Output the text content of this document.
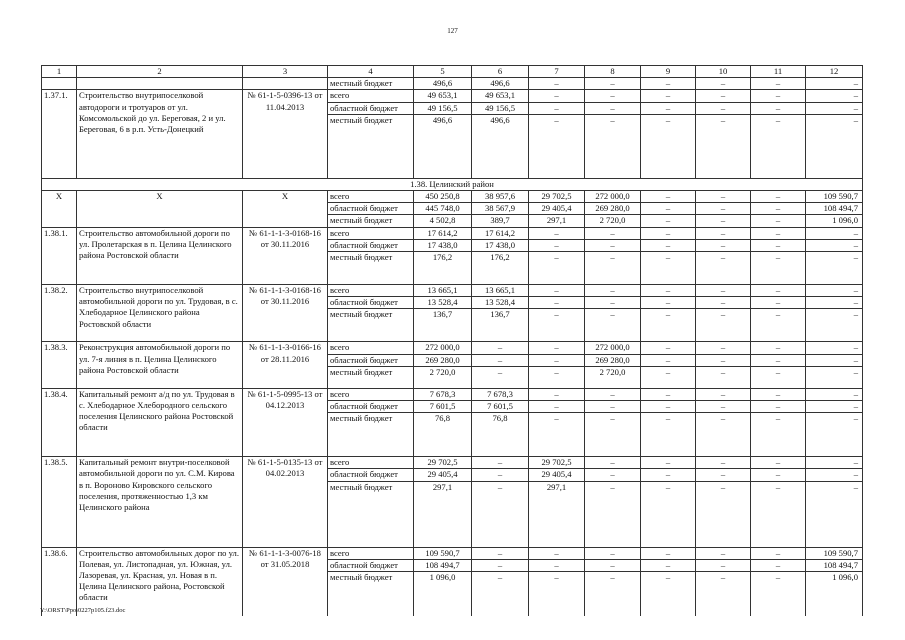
127
1	2	3	4	5	6	7	8	9	10	11	12
			местный бюджет	496,6	496,6	–	–	–	–	–	–
1.37.1.	Строительство внутрипоселковой автодороги и тротуаров от ул. Комсомольской до ул. Береговая, 2 и ул. Береговая, 6 в р.п. Усть-Донецкий	№ 61-1-5-0396-13 от 11.04.2013	всего	49 653,1	49 653,1	–	–	–	–	–	–
			областной бюджет	49 156,5	49 156,5	–	–	–	–	–	–
			местный бюджет	496,6	496,6	–	–	–	–	–	–
1.38. Целинский район											
Х	Х	Х	всего	450 250,8	38 957,6	29 702,5	272 000,0	–	–	–	109 590,7
			областной бюджет	445 748,0	38 567,9	29 405,4	269 280,0	–	–	–	108 494,7
			местный бюджет	4 502,8	389,7	297,1	2 720,0	–	–	–	1 096,0
1.38.1.	Строительство автомобильной дороги по ул. Пролетарская в п. Целина Целинского района Ростовской области	№ 61-1-1-3-0168-16 от 30.11.2016	всего	17 614,2	17 614,2	–	–	–	–	–	–
			областной бюджет	17 438,0	17 438,0	–	–	–	–	–	–
			местный бюджет	176,2	176,2	–	–	–	–	–	–
1.38.2.	Строительство внутрипоселковой автомобильной дороги по ул. Трудовая, в с. Хлебодарное Целинского района Ростовской области	№ 61-1-1-3-0168-16 от 30.11.2016	всего	13 665,1	13 665,1	–	–	–	–	–	–
			областной бюджет	13 528,4	13 528,4	–	–	–	–	–	–
			местный бюджет	136,7	136,7	–	–	–	–	–	–
1.38.3.	Реконструкция автомобильной дороги по ул. 7-я линия в п. Целина Целинского района Ростовской области	№ 61-1-1-3-0166-16 от 28.11.2016	всего	272 000,0	–	–	272 000,0	–	–	–	–
			областной бюджет	269 280,0	–	–	269 280,0	–	–	–	–
			местный бюджет	2 720,0	–	–	2 720,0	–	–	–	–
1.38.4.	Капитальный ремонт а/д по ул. Трудовая в с. Хлебодарное Хлебородного сельского поселения Целинского района Ростовской области	№ 61-1-5-0995-13 от 04.12.2013	всего	7 678,3	7 678,3	–	–	–	–	–	–
			областной бюджет	7 601,5	7 601,5	–	–	–	–	–	–
			местный бюджет	76,8	76,8	–	–	–	–	–	–
1.38.5.	Капитальный ремонт внутри-поселковой автомобильной дороги по ул. С.М. Кирова в п. Вороново Кировского сельского поселения, протяженностью 1,3 км Целинского района	№ 61-1-5-0135-13 от 04.02.2013	всего	29 702,5	–	29 702,5	–	–	–	–	–
			областной бюджет	29 405,4	–	29 405,4	–	–	–	–	–
			местный бюджет	297,1	–	297,1	–	–	–	–	–
1.38.6.	Строительство автомобильных дорог по ул. Полевая, ул. Листопадная, ул. Южная, ул. Лазоревая, ул. Красная, ул. Новая в п. Целина Целинского района, Ростовской области	№ 61-1-1-3-0076-18 от 31.05.2018	всего	109 590,7	–	–	–	–	–	–	109 590,7
			областной бюджет	108 494,7	–	–	–	–	–	–	108 494,7
			местный бюджет	1 096,0	–	–	–	–	–	–	1 096,0
Y:\ORST\Ppo\0227p105.f23.doc
